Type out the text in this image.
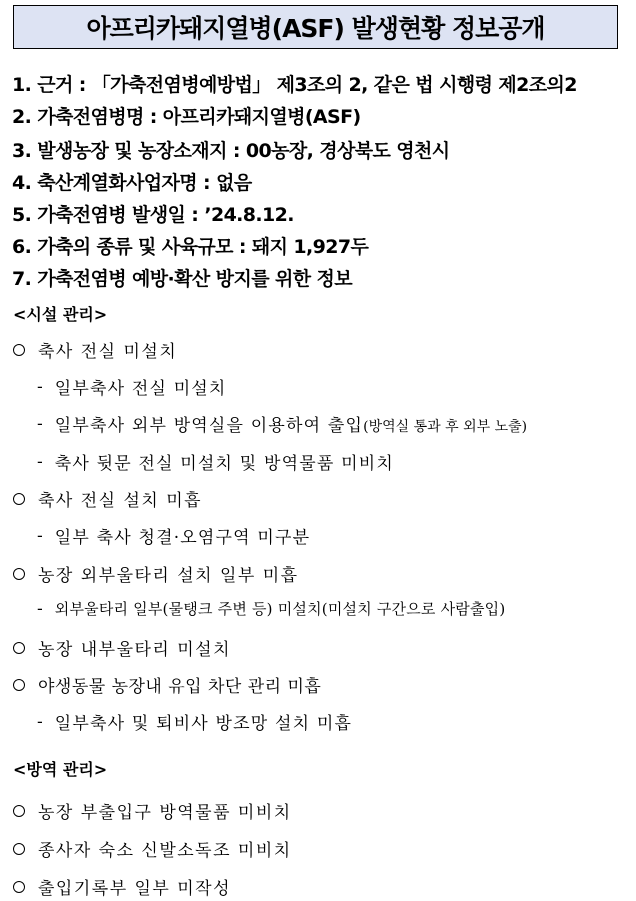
아프리카돼지열병(ASF) 발생현황 정보공개
1. 근거 : 「가축전염병예방법」 제3조의 2, 같은 법 시행령 제2조의2
2. 가축전염병명 : 아프리카돼지열병(ASF)
3. 발생농장 및 농장소재지 : 00농장, 경상북도 영천시
4. 축산계열화사업자명 : 없음
5. 가축전염병 발생일 : ’24.8.12.
6. 가축의 종류 및 사육규모 : 돼지 1,927두
7. 가축전염병 예방·확산 방지를 위한 정보
<시설 관리>
축사 전실 미설치
- 일부축사 전실 미설치
- 일부축사 외부 방역실을 이용하여 출입(방역실 통과 후 외부 노출)
- 축사 뒷문 전실 미설치 및 방역물품 미비치
축사 전실 설치 미흡
- 일부 축사 청결·오염구역 미구분
농장 외부울타리 설치 일부 미흡
- 외부울타리 일부(물탱크 주변 등) 미설치(미설치 구간으로 사람출입)
농장 내부울타리 미설치
야생동물 농장내 유입 차단 관리 미흡
- 일부축사 및 퇴비사 방조망 설치 미흡
<방역 관리>
농장 부출입구 방역물품 미비치
종사자 숙소 신발소독조 미비치
출입기록부 일부 미작성
